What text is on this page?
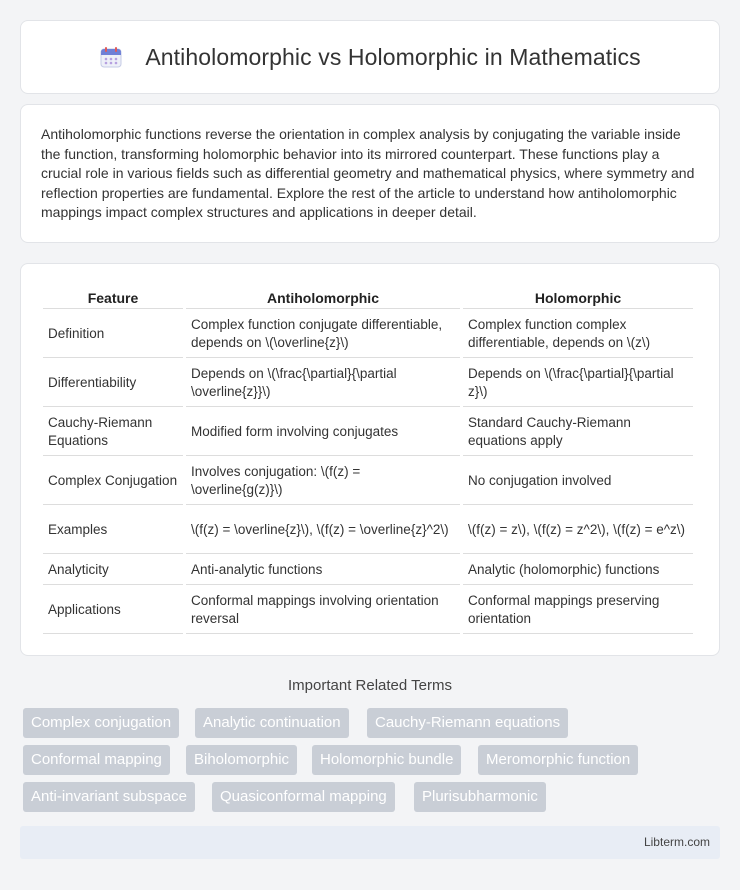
Antiholomorphic vs Holomorphic in Mathematics

Antiholomorphic functions reverse the orientation in complex analysis by conjugating the variable inside the function, transforming holomorphic behavior into its mirrored counterpart. These functions play a crucial role in various fields such as differential geometry and mathematical physics, where symmetry and reflection properties are fundamental. Explore the rest of the article to understand how antiholomorphic mappings impact complex structures and applications in deeper detail.

Feature	Antiholomorphic	Holomorphic
Definition	Complex function conjugate differentiable, depends on \(\overline{z}\)	Complex function complex differentiable, depends on \(z\)
Differentiability	Depends on \(\frac{\partial}{\partial \overline{z}}\)	Depends on \(\frac{\partial}{\partial z}\)
Cauchy-Riemann Equations	Modified form involving conjugates	Standard Cauchy-Riemann equations apply
Complex Conjugation	Involves conjugation: \(f(z) = \overline{g(z)}\)	No conjugation involved
Examples	\(f(z) = \overline{z}\), \(f(z) = \overline{z}^2\)	\(f(z) = z\), \(f(z) = z^2\), \(f(z) = e^z\)
Analyticity	Anti-analytic functions	Analytic (holomorphic) functions
Applications	Conformal mappings involving orientation reversal	Conformal mappings preserving orientation
Important Related Terms
Complex conjugation	Analytic continuation	Cauchy-Riemann equations
Conformal mapping	Biholomorphic	Holomorphic bundle	Meromorphic function
Anti-invariant subspace	Quasiconformal mapping	Plurisubharmonic
Libterm.com
